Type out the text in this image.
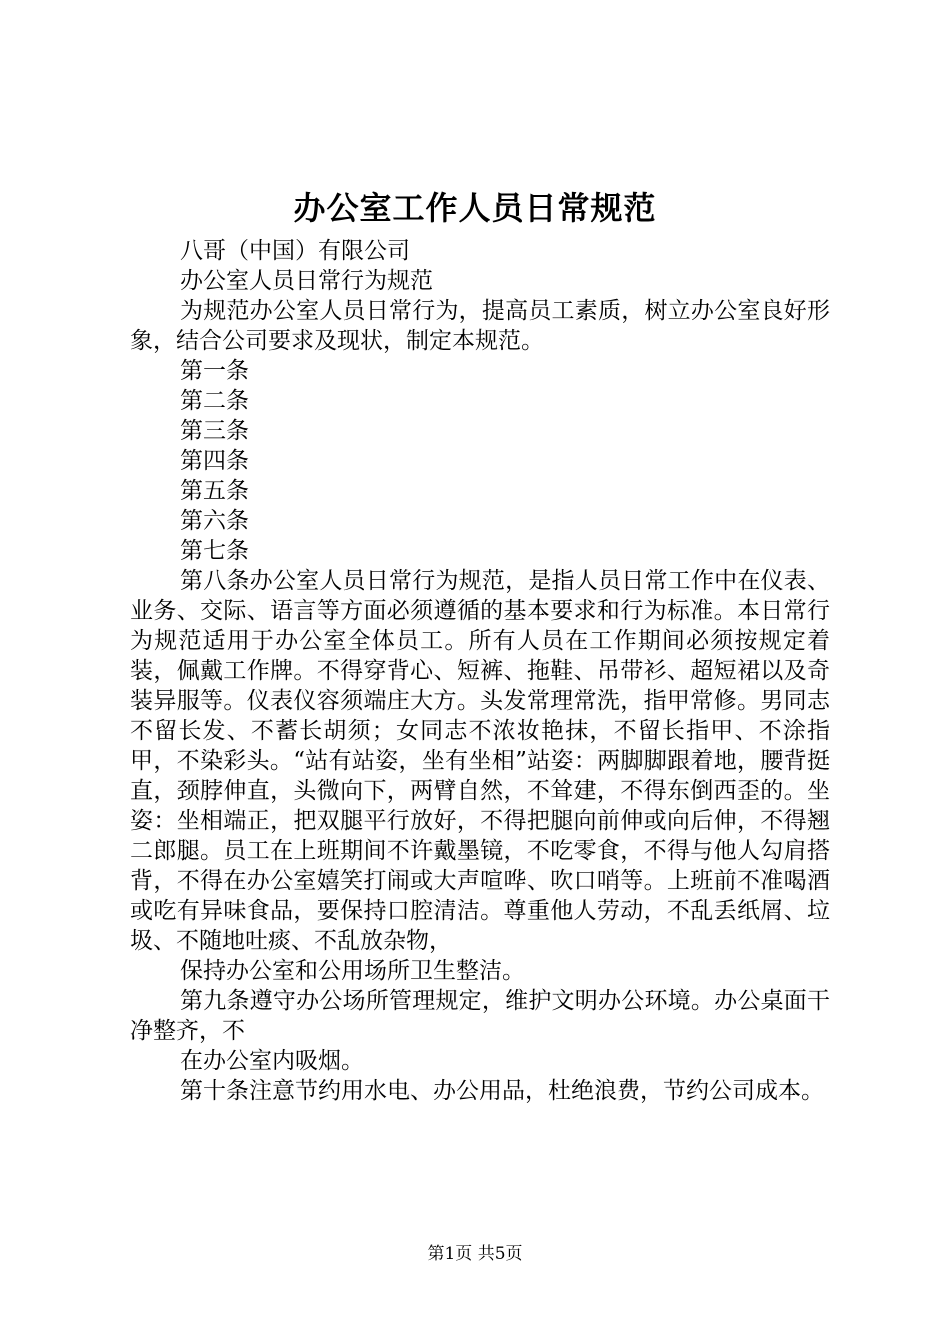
办公室工作人员日常规范

八哥（中国）有限公司

办公室人员日常行为规范

为规范办公室人员日常行为，提高员工素质，树立办公室良好形象，结合公司要求及现状，制定本规范。

第一条

第二条

第三条

第四条

第五条

第六条

第七条

第八条办公室人员日常行为规范，是指人员日常工作中在仪表、业务、交际、语言等方面必须遵循的基本要求和行为标准。本日常行为规范适用于办公室全体员工。所有人员在工作期间必须按规定着装，佩戴工作牌。不得穿背心、短裤、拖鞋、吊带衫、超短裙以及奇装异服等。仪表仪容须端庄大方。头发常理常洗，指甲常修。男同志不留长发、不蓄长胡须；女同志不浓妆艳抹，不留长指甲、不涂指甲，不染彩头。“站有站姿，坐有坐相”站姿：两脚脚跟着地，腰背挺直，颈脖伸直，头微向下，两臂自然，不耸建，不得东倒西歪的。坐姿：坐相端正，把双腿平行放好，不得把腿向前伸或向后伸，不得翘二郎腿。员工在上班期间不许戴墨镜，不吃零食，不得与他人勾肩搭背，不得在办公室嬉笑打闹或大声喧哗、吹口哨等。上班前不准喝酒或吃有异味食品，要保持口腔清洁。尊重他人劳动，不乱丢纸屑、垃圾、不随地吐痰、不乱放杂物，

保持办公室和公用场所卫生整洁。

第九条遵守办公场所管理规定，维护文明办公环境。办公桌面干净整齐，不

在办公室内吸烟。

第十条注意节约用水电、办公用品，杜绝浪费，节约公司成本。

第1页 共5页
